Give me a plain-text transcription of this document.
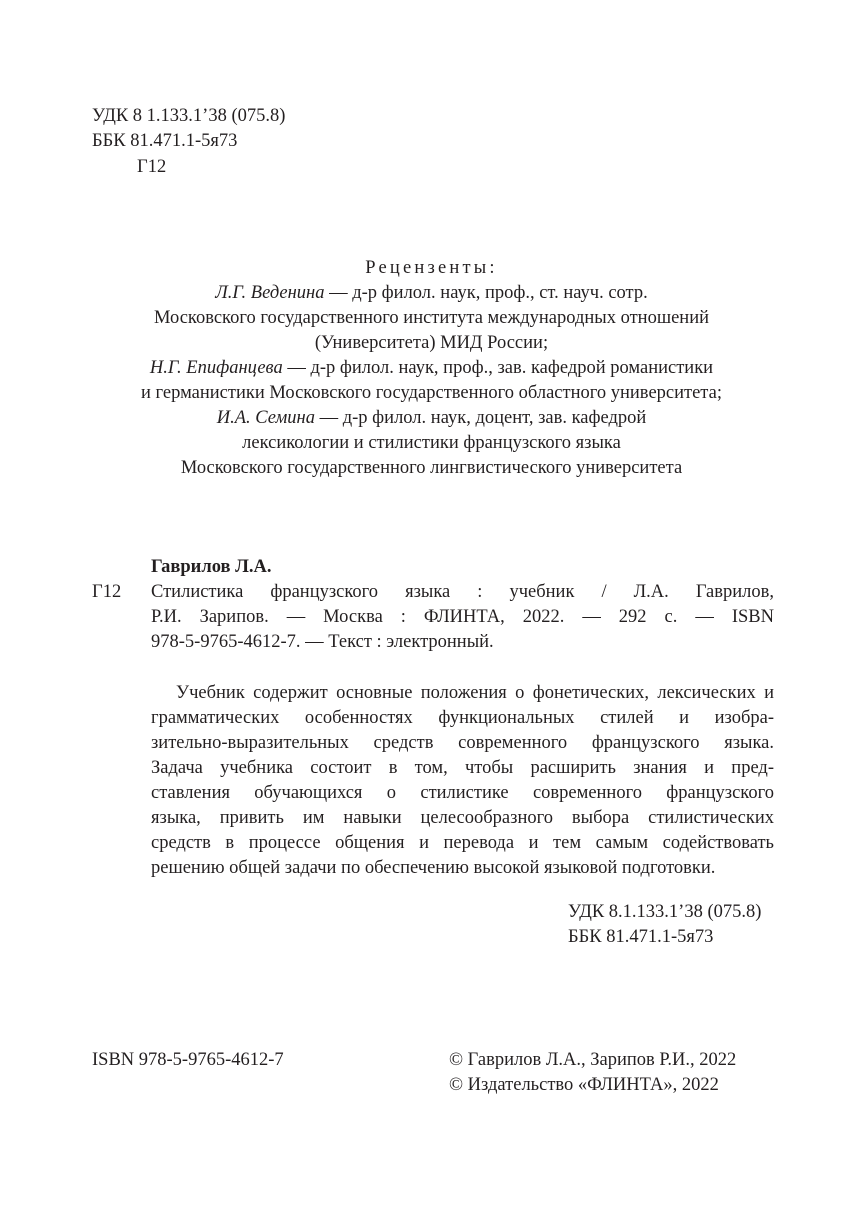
УДК 8 1.133.1’38 (075.8)
ББК 81.471.1-5я73
Г12
Рецензенты:
Л.Г. Веденина — д-р филол. наук, проф., ст. науч. сотр.
Московского государственного института международных отношений
(Университета) МИД России;
Н.Г. Епифанцева — д-р филол. наук, проф., зав. кафедрой романистики
и германистики Московского государственного областного университета;
И.А. Семина — д-р филол. наук, доцент, зав. кафедрой
лексикологии и стилистики французского языка
Московского государственного лингвистического университета
Гаврилов Л.А.
Г12 Стилистика французского языка : учебник / Л.А. Гаврилов,
Р.И. Зарипов. — Москва : ФЛИНТА, 2022. — 292 с. — ISBN
978-5-9765-4612-7. — Текст : электронный.
Учебник содержит основные положения о фонетических, лексических и
грамматических особенностях функциональных стилей и изобра-
зительно-выразительных средств современного французского языка.
Задача учебника состоит в том, чтобы расширить знания и пред-
ставления обучающихся о стилистике современного французского
языка, привить им навыки целесообразного выбора стилистических
средств в процессе общения и перевода и тем самым содействовать
решению общей задачи по обеспечению высокой языковой подготовки.
УДК 8.1.133.1’38 (075.8)
ББК 81.471.1-5я73
ISBN 978-5-9765-4612-7	© Гаврилов Л.А., Зарипов Р.И., 2022
© Издательство «ФЛИНТА», 2022
